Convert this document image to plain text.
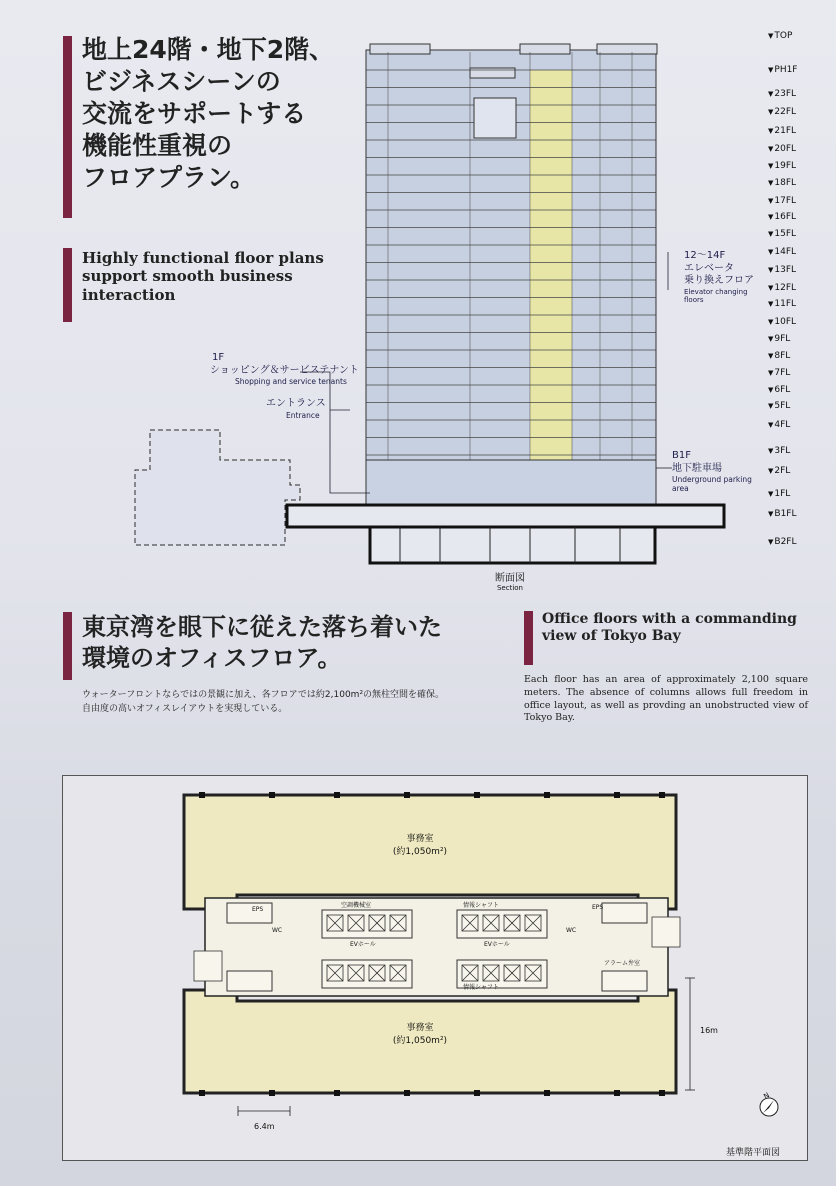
地上24階・地下2階、
ビジネスシーンの
交流をサポートする
機能性重視の
フロアプラン。
Highly functional floor plans
support smooth business
interaction
▼ TOP
▼ PH1F
▼ 23FL
▼ 22FL
▼ 21FL
▼ 20FL
▼ 19FL
▼ 18FL
▼ 17FL
▼ 16FL
▼ 15FL
▼ 14FL
▼ 13FL
▼ 12FL
▼ 11FL
▼ 10FL
▼ 9FL
▼ 8FL
▼ 7FL
▼ 6FL
▼ 5FL
▼ 4FL
▼ 3FL
▼ 2FL
▼ 1FL
▼ B1FL
▼ B2FL
12～14F
エレベータ
乗り換えフロア
Elevator changing
floors
1F
ショッピング＆サービステナント
Shopping and service tenants
エントランス
Entrance
B1F
地下駐車場
Underground parking
area
断面図
Section
東京湾を眼下に従えた落ち着いた
環境のオフィスフロア。
ウォーターフロントならではの景観に加え、各フロアでは約2,100m²の無柱空間を確保。
自由度の高いオフィスレイアウトを実現している。
Office floors with a commanding
view of Tokyo Bay
Each floor has an area of approximately 2,100 square meters. The absence of columns allows full freedom in office layout, as well as provding an unobstructed view of Tokyo Bay.
事務室
(約1,050m²)
事務室
(約1,050m²)
EVホール	EVホール
空調機械室	情報シャフト
情報シャフト
EPS	EPS
WC	WC
アラーム弁室
16m
6.4m
N
基準階平面図
